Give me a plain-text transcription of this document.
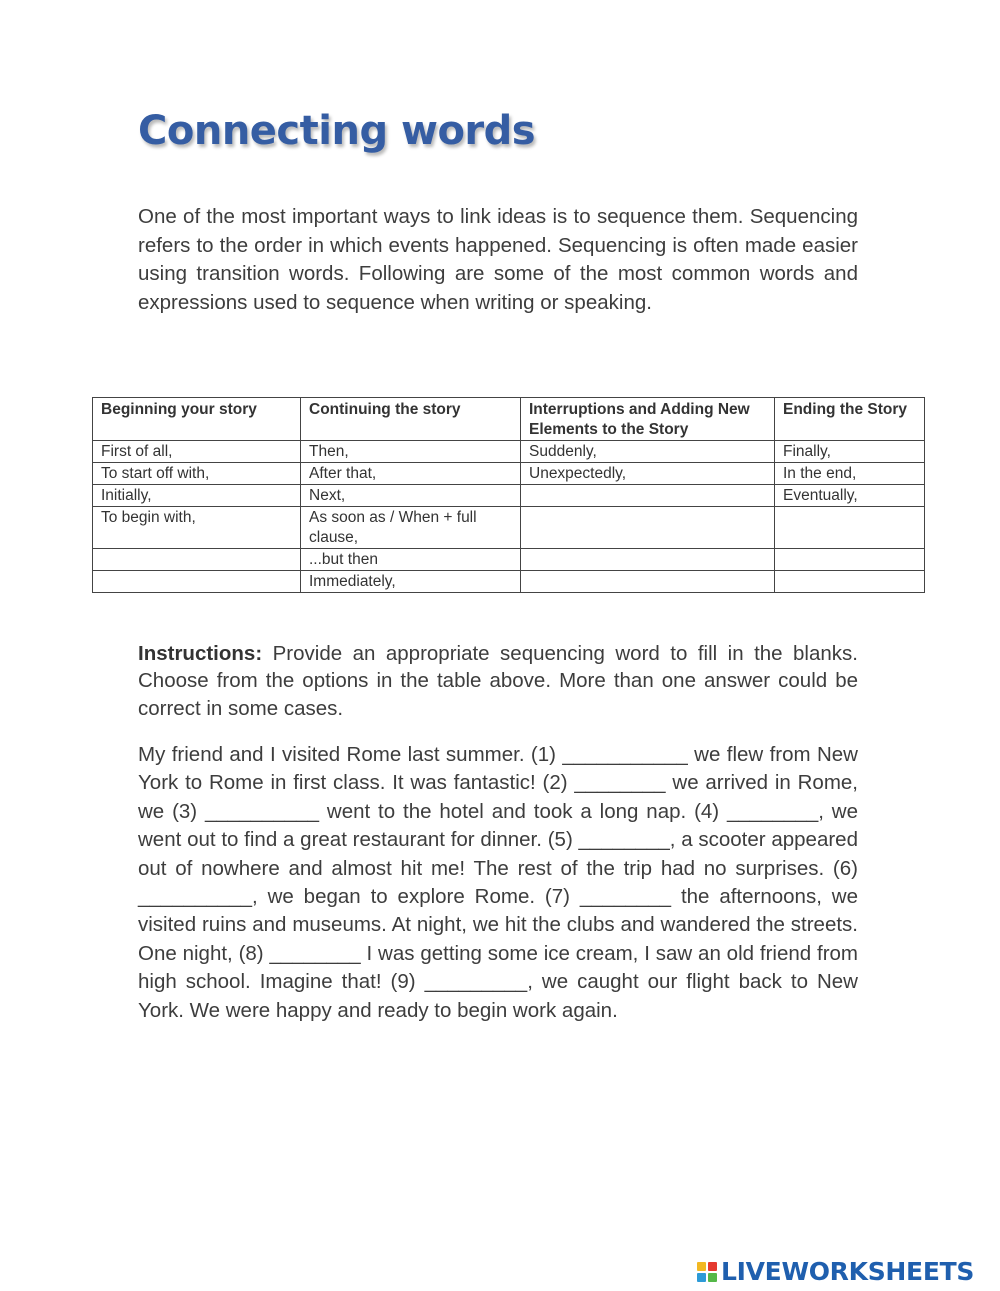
Connecting words

One of the most important ways to link ideas is to sequence them. Sequencing refers to the order in which events happened. Sequencing is often made easier using transition words. Following are some of the most common words and expressions used to sequence when writing or speaking.

Beginning your story	Continuing the story	Interruptions and Adding New Elements to the Story	Ending the Story
First of all,	Then,	Suddenly,	Finally,
To start off with,	After that,	Unexpectedly,	In the end,
Initially,	Next,		Eventually,
To begin with,	As soon as / When + full clause,		
	...but then		
	Immediately,		

Instructions: Provide an appropriate sequencing word to fill in the blanks. Choose from the options in the table above. More than one answer could be correct in some cases.

My friend and I visited Rome last summer. (1) ___________ we flew from New York to Rome in first class. It was fantastic! (2) ________ we arrived in Rome, we (3) __________ went to the hotel and took a long nap. (4) ________, we went out to find a great restaurant for dinner. (5) ________, a scooter appeared out of nowhere and almost hit me! The rest of the trip had no surprises. (6) __________, we began to explore Rome. (7) ________ the afternoons, we visited ruins and museums. At night, we hit the clubs and wandered the streets. One night, (8) ________ I was getting some ice cream, I saw an old friend from high school. Imagine that! (9) _________, we caught our flight back to New York. We were happy and ready to begin work again.

LIVEWORKSHEETS
